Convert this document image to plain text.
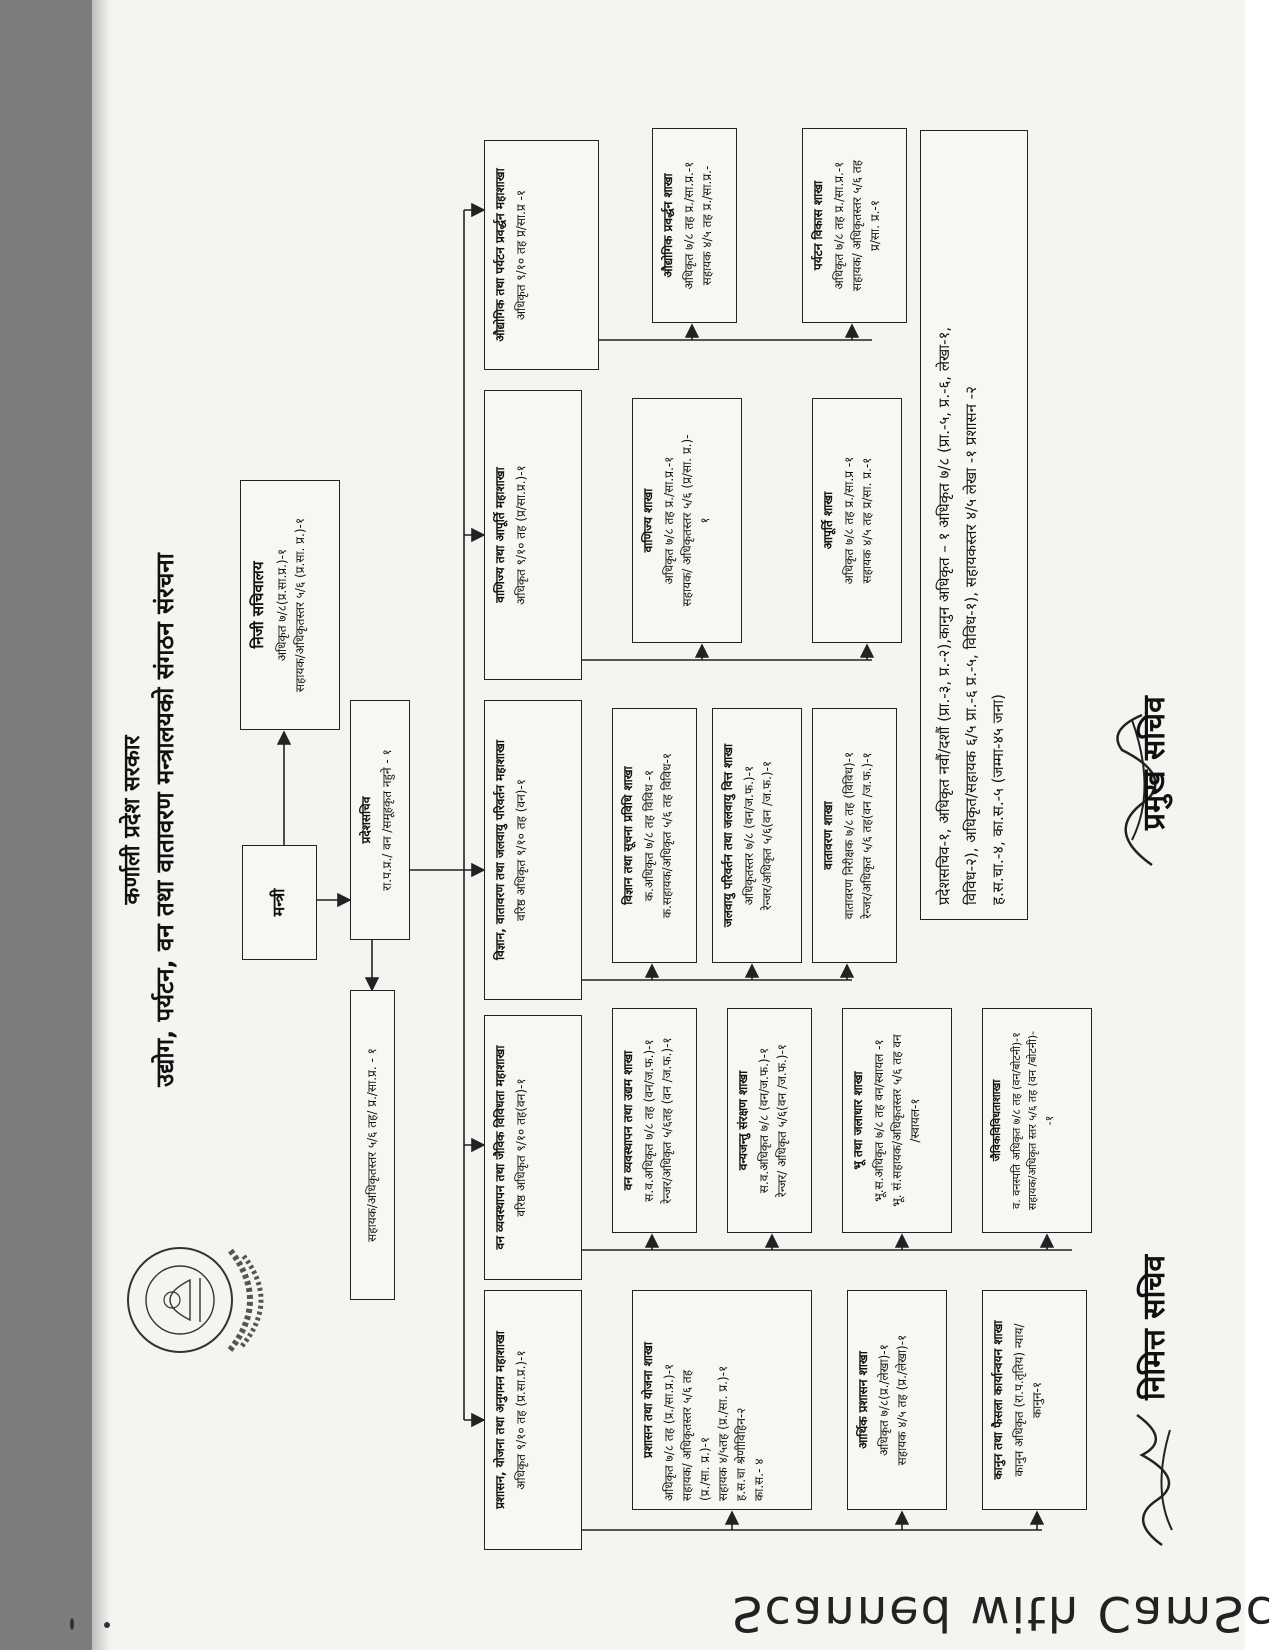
कर्णाली प्रदेश सरकार उद्योग, पर्यटन, वन तथा वातावरण मन्त्रालयको संगठन संरचना	मन्त्री
निजी सचिवालय अधिकृत ७/८(प्र.सा.प्र.)-१ सहायक/अधिकृतस्तर ५/६ (प्र.सा. प्र.)-१
प्रदेशसचिव रा.प.प्र./ वन /समूहकृत नहुने - १
सहायक/अधिकृतस्तर ५/६ तह/ प्र./सा.प्र. - १
प्रशासन, योजना तथा अनुगमन महाशाखा अधिकृत ९/१० तह (प्र.सा.प्र.)-१	प्रशासन तथा योजना शाखा अधिकृत ७/८ तह (प्र./सा.प्र.)-१ सहायक/ अधिकृतस्तर ५/६ तह (प्र./सा. प्र.)-१ सहायक ४/५तह (प्र./सा. प्र.)-१ ह.स.चा श्रेणीविहिन-२ का.स.- ४
आर्थिक प्रशासन शाखा अधिकृत ७/८(प्र./लेखा)-१ सहायक ४/५ तह (प्र./लेखा)-१	कानुन तथा फैसला कार्यान्वयन शाखा कानुन अधिकृत (रा.प.तृतिय) न्याय/ कानुन-१
वन व्यवस्थापन तथा जैविक विविधता महाशाखा वरिष्ठ अधिकृत ९/१० तह(वन)-१	वन व्यवस्थापन तथा उद्यम शाखा स.व.अधिकृत ७/८ तह (वन/ज.फ.)-१ रेन्जर/अधिकृत ५/६तह (वन /ज.फ.)-१	वन्यजन्तु संरक्षण शाखा स.व.अधिकृत ७/८ (वन/ज.फ.)-१ रेन्जर/ अधिकृत ५/६(वन /ज.फ.)-१	भू तथा जलाधार शाखा भू.स.अधिकृत ७/८ तह वन/स्वायल -१ भू. सं.सहायक/अधिकृतस्तर ५/६ तह वन /स्वायल-१	जैविकविविधताशाखा व. वनस्पति अधिकृत ७/८ तह (वन/बोटनी)-१ सहायक/अधिकृत स्तर ५/६ तह (वन /बोटनी)- -१
विज्ञान, वातावरण तथा जलवायु परिवर्तन महाशाखा वरिष्ठ अधिकृत ९/१० तह (वन)-१	विज्ञान तथा सूचना प्रविधि शाखा क.अधिकृत ७/८ तह विविध -१ क.सहायक/अधिकृत ५/६ तह विविध-१	जलवायु परिवर्तन तथा जलवायु वित्त शाखा अधिकृतस्तर ७/८ (वन/ज.फ.)-१ रेन्जर/अधिकृत ५/६(वन /ज.फ.)-१	वातावरण शाखा वातावरण निरीक्षक ७/८ तह (विविध)-१ रेन्जर/अधिकृत ५/६ तह(वन /ज.फ.)-१
वाणिज्य तथा आपूर्ति महाशाखा अधिकृत ९/१० तह (प्र/सा.प्र.)-१	वाणिज्य शाखा अधिकृत ७/८ तह प्र./सा.प्र.-१ सहायक/ अधिकृतस्तर ५/६ (प्र/सा. प्र.)- १	आपूर्ति शाखा अधिकृत ७/८ तह प्र./सा.प्र -१ सहायक ४/५ तह प्र/सा. प्र.-१
औद्योगिक तथा पर्यटन प्रवर्द्धन महाशाखा अधिकृत ९/१० तह प्र/सा.प्र -१	औद्योगिक प्रवर्द्धन शाखा अधिकृत ७/८ तह प्र./सा.प्र.-१ सहायक ४/५ तह प्र./सा.प्र.-	पर्यटन विकास शाखा अधिकृत ७/८ तह प्र./सा.प्र.-१ सहायक/ अधिकृतस्तर ५/६ तह प्र/सा. प्र.-१
प्रदेशसचिव-१, अधिकृत नवौं/दशौं (प्रा.-३, प्र.-२),कानुन अधिकृत – १ अधिकृत ७/८ (प्रा.-५, प्र.-६, लेखा-१, विविध-२), अधिकृत/सहायक ६/५ प्रा.-६ प्र.-५, विविध-१), सहायकस्तर ४/५ लेखा -१ प्रशासन -२ ह.स.चा.-४, का.स.-५ (जम्मा-४५ जना)
निमित्त सचिव
प्रमुख सचिव
Scanned with CamSc
